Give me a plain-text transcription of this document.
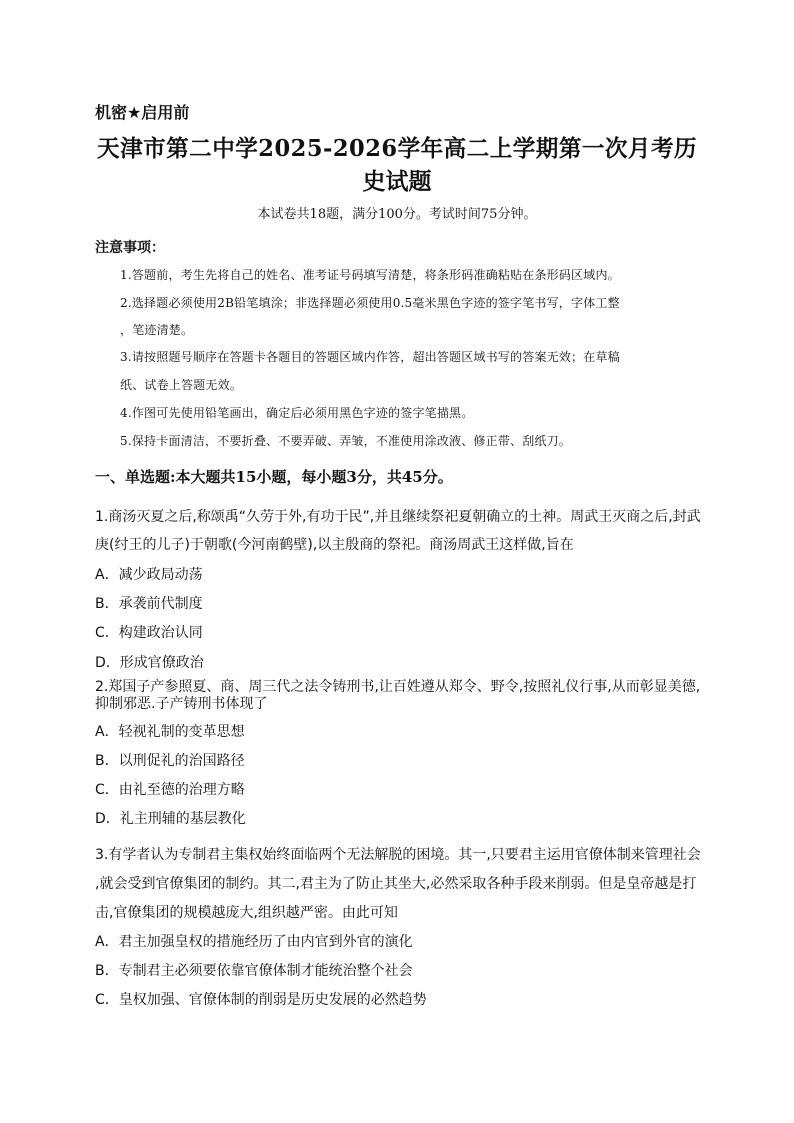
机密★启用前
天津市第二中学2025-2026学年高二上学期第一次月考历
史试题
本试卷共18题，满分100分。考试时间75分钟。
注意事项：
1.答题前，考生先将自己的姓名、准考证号码填写清楚，将条形码准确粘贴在条形码区域内。
2.选择题必须使用2B铅笔填涂；非选择题必须使用0.5毫米黑色字迹的签字笔书写，字体工整
，笔迹清楚。
3.请按照题号顺序在答题卡各题目的答题区域内作答，超出答题区域书写的答案无效；在草稿
纸、试卷上答题无效。
4.作图可先使用铅笔画出，确定后必须用黑色字迹的签字笔描黑。
5.保持卡面清洁，不要折叠、不要弄破、弄皱，不准使用涂改液、修正带、刮纸刀。
一、单选题:本大题共15小题，每小题3分，共45分。
1.商汤灭夏之后,称颂禹“久劳于外,有功于民”,并且继续祭祀夏朝确立的土神。周武王灭商之后,封武
庚(纣王的儿子)于朝歌(今河南鹤壁),以主殷商的祭祀。商汤周武王这样做,旨在
A．减少政局动荡
B．承袭前代制度
C．构建政治认同
D．形成官僚政治
2.郑国子产参照夏、商、周三代之法令铸刑书,让百姓遵从郑令、野令,按照礼仪行事,从而彰显美德,
抑制邪恶.子产铸刑书体现了
A．轻视礼制的变革思想
B．以刑促礼的治国路径
C．由礼至德的治理方略
D．礼主刑辅的基层教化
3.有学者认为专制君主集权始终面临两个无法解脱的困境。其一,只要君主运用官僚体制来管理社会
,就会受到官僚集团的制约。其二,君主为了防止其坐大,必然采取各种手段来削弱。但是皇帝越是打
击,官僚集团的规模越庞大,组织越严密。由此可知
A．君主加强皇权的措施经历了由内官到外官的演化
B．专制君主必须要依靠官僚体制才能统治整个社会
C．皇权加强、官僚体制的削弱是历史发展的必然趋势
